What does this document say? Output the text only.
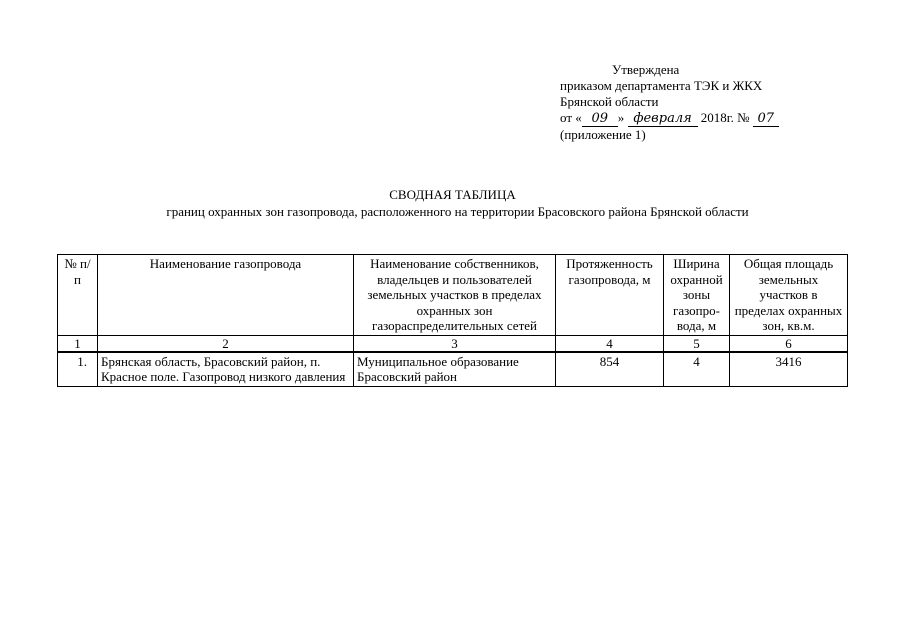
Утверждена
приказом департамента ТЭК и ЖКХ
Брянской области
от « 09 » февраля 2018г. № 07
(приложение 1)
СВОДНАЯ ТАБЛИЦА
границ охранных зон газопровода, расположенного на территории Брасовского района Брянской области
№ п/п	Наименование газопровода	Наименование собственников, владельцев и пользователей земельных участков в пределах охранных зон газораспределительных сетей	Протяженность газопровода, м	Ширина охранной зоны газопро-вода, м	Общая площадь земельных участков в пределах охранных зон, кв.м.
1	2	3	4	5	6
1.	Брянская область, Брасовский район, п. Красное поле. Газопровод низкого давления	Муниципальное образование Брасовский район	854	4	3416
